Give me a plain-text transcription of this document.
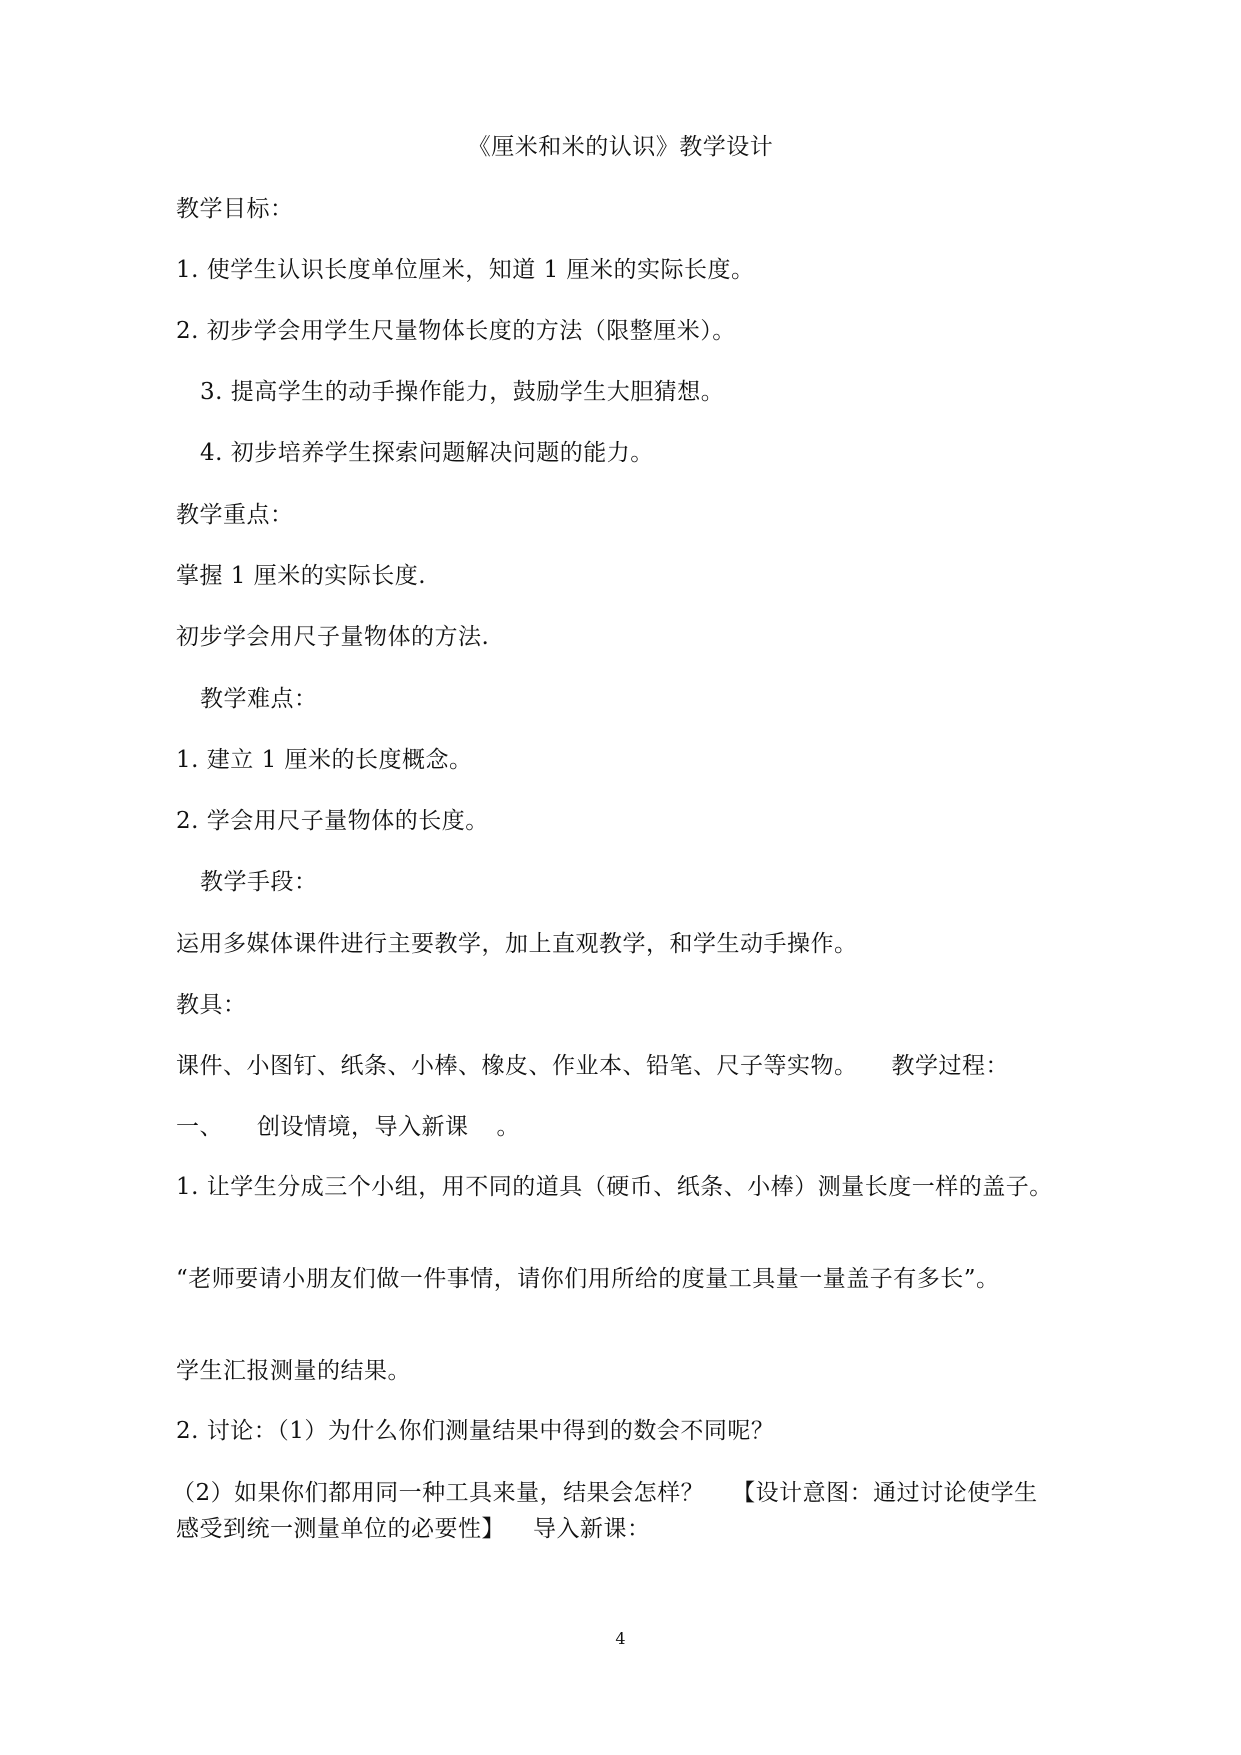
《厘米和米的认识》教学设计
教学目标：
1. 使学生认识长度单位厘米，知道 1 厘米的实际长度。
2. 初步学会用学生尺量物体长度的方法（限整厘米）。
3. 提高学生的动手操作能力，鼓励学生大胆猜想。
4. 初步培养学生探索问题解决问题的能力。
教学重点：
掌握 1 厘米的实际长度.
初步学会用尺子量物体的方法.
教学难点：
1. 建立 1 厘米的长度概念。
2. 学会用尺子量物体的长度。
教学手段：
运用多媒体课件进行主要教学，加上直观教学，和学生动手操作。
教具：
课件、小图钉、纸条、小棒、橡皮、作业本、铅笔、尺子等实物。 教学过程：
一、 创设情境，导入新课 。
1. 让学生分成三个小组，用不同的道具（硬币、纸条、小棒）测量长度一样的盖子。
“老师要请小朋友们做一件事情，请你们用所给的度量工具量一量盖子有多长”。
学生汇报测量的结果。
2. 讨论：（1）为什么你们测量结果中得到的数会不同呢？
（2）如果你们都用同一种工具来量，结果会怎样？ 【设计意图：通过讨论使学生
感受到统一测量单位的必要性】 导入新课：
4
